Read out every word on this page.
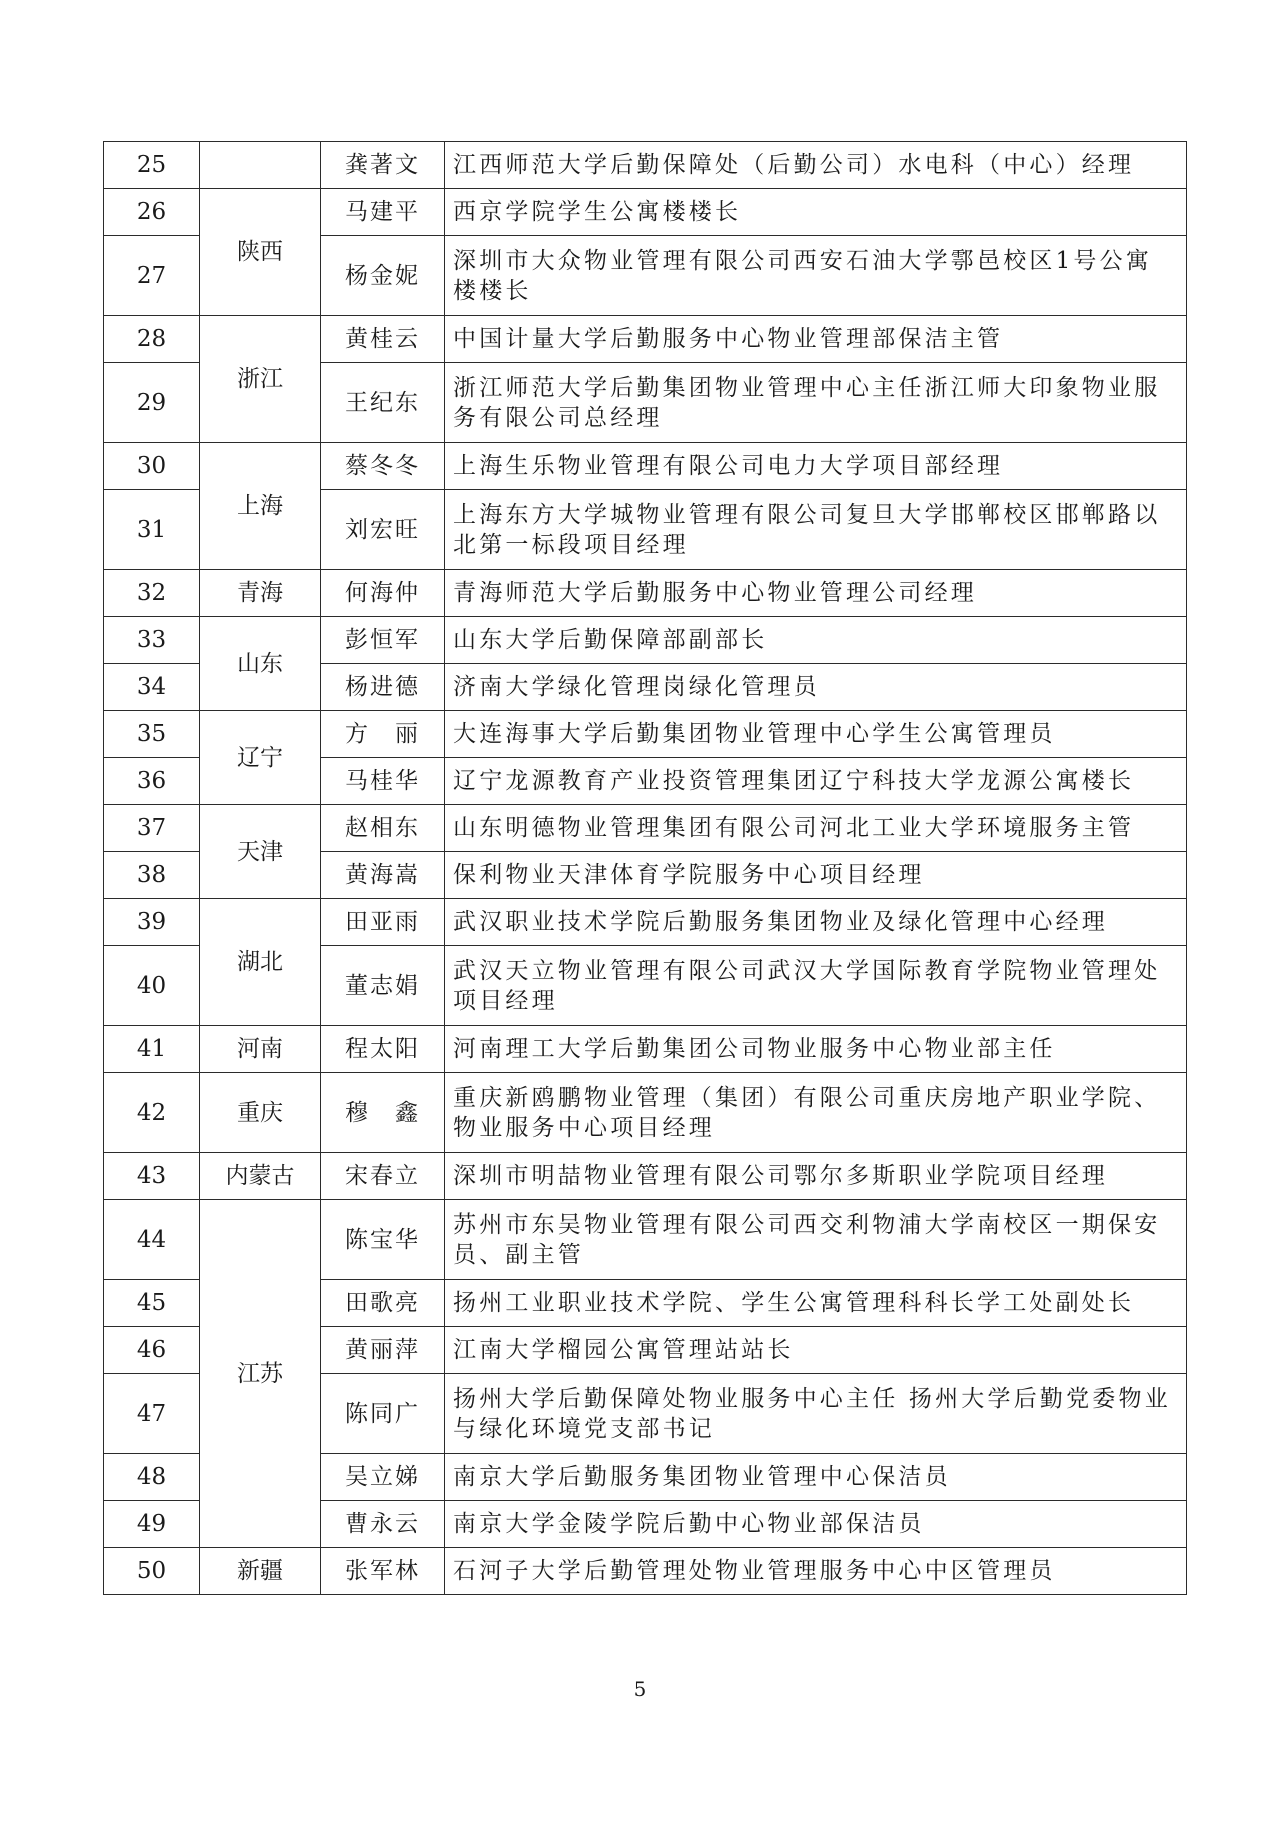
25		龚著文	江西师范大学后勤保障处（后勤公司）水电科（中心）经理
26	陕西	马建平	西京学院学生公寓楼楼长
27		杨金妮	深圳市大众物业管理有限公司西安石油大学鄠邑校区1号公寓楼楼长
28	浙江	黄桂云	中国计量大学后勤服务中心物业管理部保洁主管
29		王纪东	浙江师范大学后勤集团物业管理中心主任浙江师大印象物业服务有限公司总经理
30	上海	蔡冬冬	上海生乐物业管理有限公司电力大学项目部经理
31		刘宏旺	上海东方大学城物业管理有限公司复旦大学邯郸校区邯郸路以北第一标段项目经理
32	青海	何海仲	青海师范大学后勤服务中心物业管理公司经理
33	山东	彭恒军	山东大学后勤保障部副部长
34		杨进德	济南大学绿化管理岗绿化管理员
35	辽宁	方　丽	大连海事大学后勤集团物业管理中心学生公寓管理员
36		马桂华	辽宁龙源教育产业投资管理集团辽宁科技大学龙源公寓楼长
37	天津	赵相东	山东明德物业管理集团有限公司河北工业大学环境服务主管
38		黄海嵩	保利物业天津体育学院服务中心项目经理
39	湖北	田亚雨	武汉职业技术学院后勤服务集团物业及绿化管理中心经理
40		董志娟	武汉天立物业管理有限公司武汉大学国际教育学院物业管理处项目经理
41	河南	程太阳	河南理工大学后勤集团公司物业服务中心物业部主任
42	重庆	穆　鑫	重庆新鸥鹏物业管理（集团）有限公司重庆房地产职业学院、物业服务中心项目经理
43	内蒙古	宋春立	深圳市明喆物业管理有限公司鄂尔多斯职业学院项目经理
44	江苏	陈宝华	苏州市东吴物业管理有限公司西交利物浦大学南校区一期保安员、副主管
45		田歌亮	扬州工业职业技术学院、学生公寓管理科科长学工处副处长
46		黄丽萍	江南大学榴园公寓管理站站长
47		陈同广	扬州大学后勤保障处物业服务中心主任 扬州大学后勤党委物业与绿化环境党支部书记
48		吴立娣	南京大学后勤服务集团物业管理中心保洁员
49		曹永云	南京大学金陵学院后勤中心物业部保洁员
50	新疆	张军林	石河子大学后勤管理处物业管理服务中心中区管理员
5
